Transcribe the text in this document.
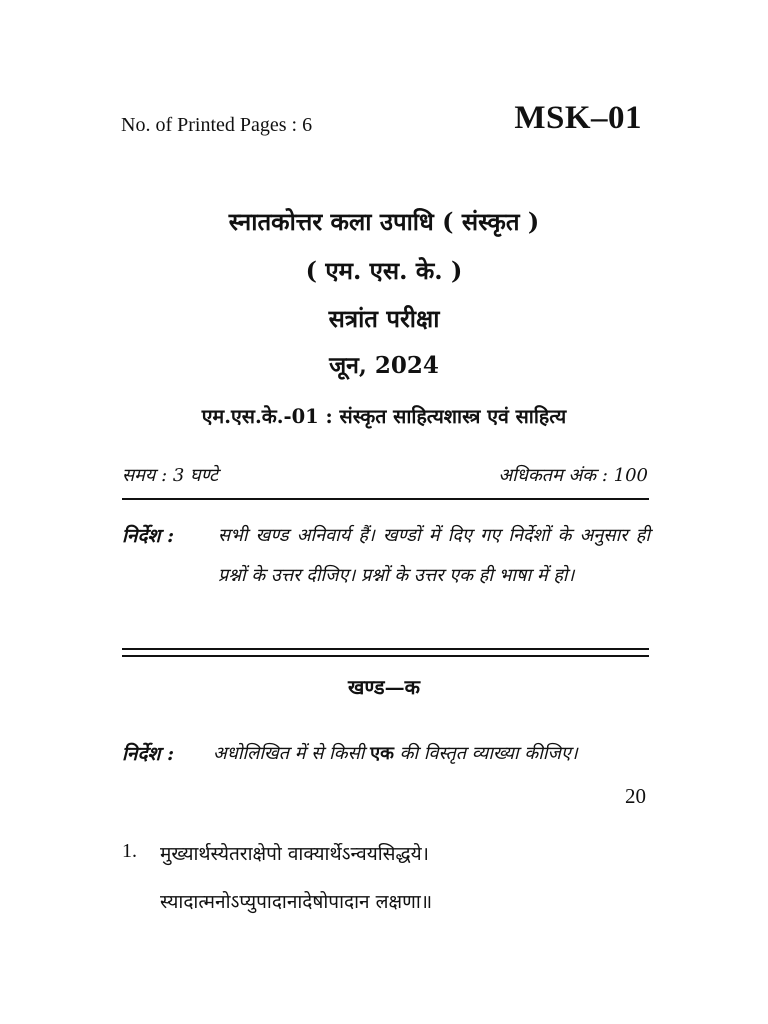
No. of Printed Pages : 6	MSK–01
स्नातकोत्तर कला उपाधि ( संस्कृत )
( एम. एस. के. )
सत्रांत परीक्षा
जून, 2024
एम.एस.के.-01 : संस्कृत साहित्यशास्त्र एवं साहित्य
समय : 3 घण्टे	अधिकतम अंक : 100
निर्देश : सभी खण्ड अनिवार्य हैं। खण्डों में दिए गए निर्देशों के अनुसार ही प्रश्नों के उत्तर दीजिए। प्रश्नों के उत्तर एक ही भाषा में हो।
खण्ड—क
निर्देश : अधोलिखित में से किसी एक की विस्तृत व्याख्या कीजिए।
20
1. मुख्यार्थस्येतराक्षेपो वाक्यार्थेऽन्वयसिद्धये।
स्यादात्मनोऽप्युपादानादेषोपादान लक्षणा॥
